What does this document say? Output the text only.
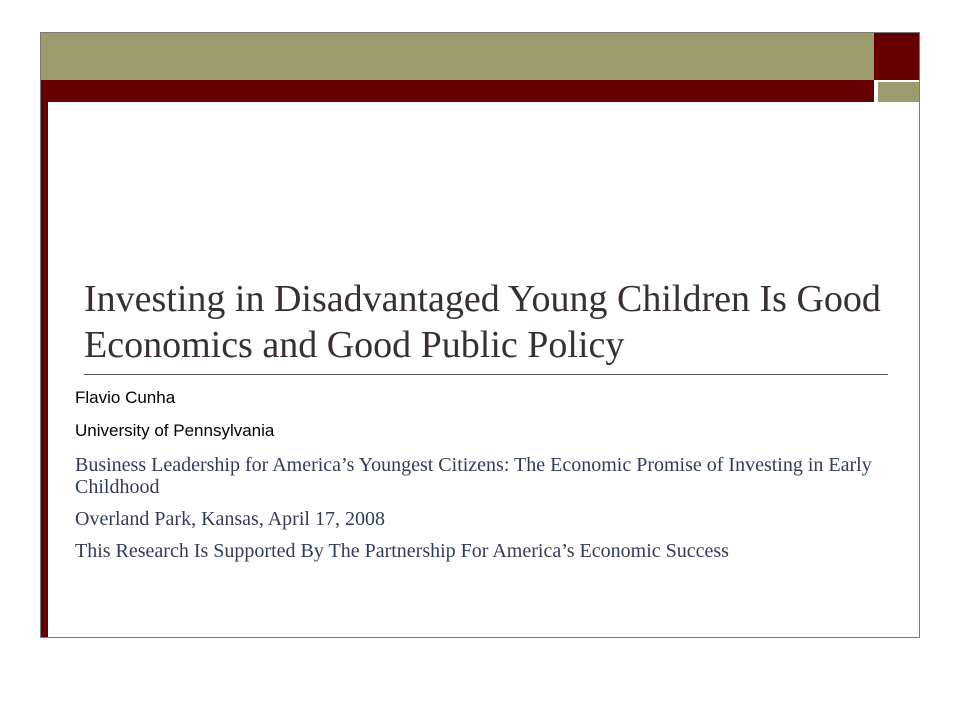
Investing in Disadvantaged Young Children Is Good Economics and Good Public Policy

Flavio Cunha

University of Pennsylvania

Business Leadership for America’s Youngest Citizens: The Economic Promise of Investing in Early Childhood

Overland Park, Kansas, April 17, 2008

This Research Is Supported By The Partnership For America’s Economic Success
